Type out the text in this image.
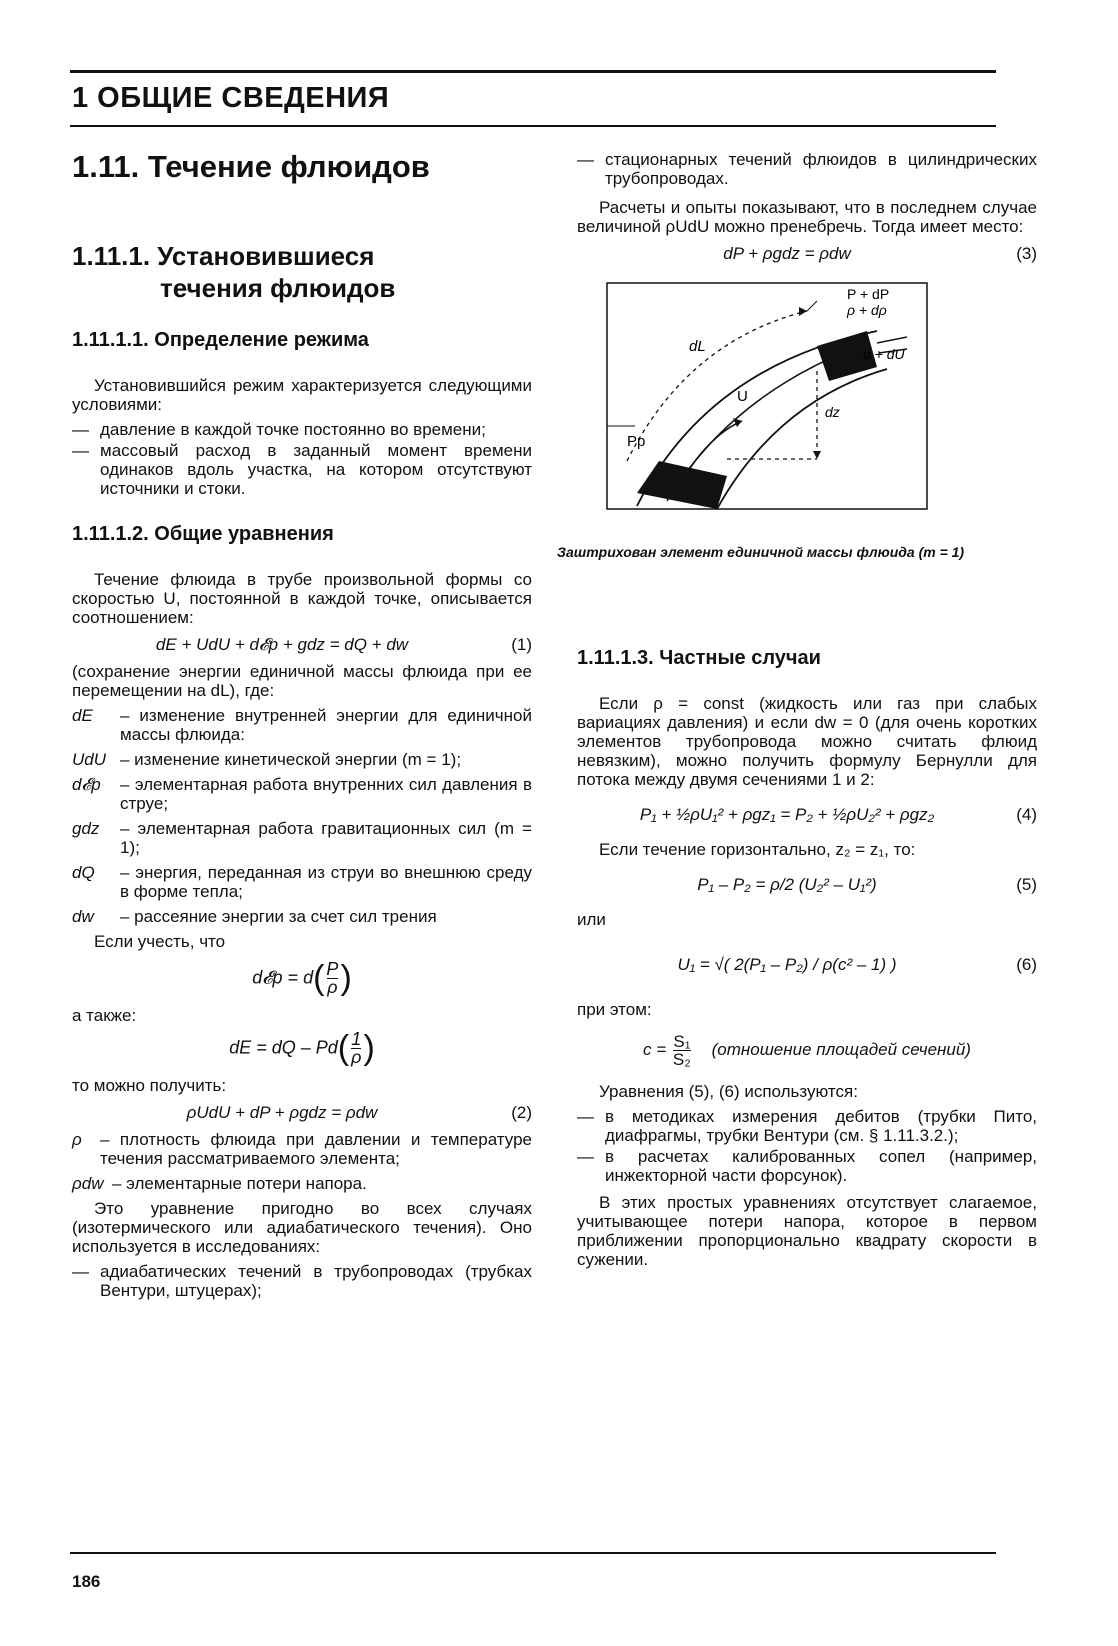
1 ОБЩИЕ СВЕДЕНИЯ
1.11. Течение флюидов
1.11.1. Установившиеся
течения флюидов
1.11.1.1. Определение режима
Установившийся режим характеризуется следующими условиями:
— давление в каждой точке постоянно во времени;
— массовый расход в заданный момент времени одинаков вдоль участка, на котором отсутствуют источники и стоки.
1.11.1.2. Общие уравнения
Течение флюида в трубе произвольной формы со скоростью U, постоянной в каждой точке, описывается соотношением:
dE + UdU + d𝓔p + gdz = dQ + dw	(1)
(сохранение энергии единичной массы флюида при ее перемещении на dL), где:
dE	– изменение внутренней энергии для единичной массы флюида:
UdU – изменение кинетической энергии (m = 1);
d𝓔p	– элементарная работа внутренних сил давления в струе;
gdz	– элементарная работа гравитационных сил (m = 1);
dQ	– энергия, переданная из струи во внешнюю среду в форме тепла;
dw	– рассеяние энергии за счет сил трения
Если учесть, что
d𝓔p = $d( \frac{P}{\rho}$ )
а также:
dE = dQ – $Pd( \frac{1}{\rho}$ )
то можно получить:
ρUdU + dP + ρgdz = ρdw	(2)
ρ	– плотность флюида при давлении и температуре течения рассматриваемого элемента;
ρdw – элементарные потери напора.
Это уравнение пригодно во всех случаях (изотермического или адиабатического течения). Оно используется в исследованиях:
— адиабатических течений в трубопроводах (трубках Вентури, штуцерах);
— стационарных течений флюидов в цилиндрических трубопроводах.
Расчеты и опыты показывают, что в последнем случае величиной ρUdU можно пренебречь. Тогда имеет место:
dP + ρgdz = ρdw	(3)
P + dP
ρ + dρ
u + dU
dL
U
dz
Pp
Заштрихован элемент единичной массы флюида (m = 1)
1.11.1.3. Частные случаи
Если ρ = const (жидкость или газ при слабых вариациях давления) и если dw = 0 (для очень коротких элементов трубопровода можно считать флюид невязким), можно получить формулу Бернулли для потока между двумя сечениями 1 и 2:
P₁ + ½ρU₁² + ρgz₁ = P₂ + ½ρU₂² + ρgz₂	(4)
Если течение горизонтально, z₂ = z₁, то:
P₁ – P₂ = ρ/2 (U₂² – U₁²)	(5)
или
U₁ = √( 2(P₁ – P₂) / ρ(c² – 1) )	(6)
при этом:
$c = \frac{\text{S₁}}{\text{S₂}}$ (отношение площадей сечений)
Уравнения (5), (6) используются:
— в методиках измерения дебитов (трубки Пито, диафрагмы, трубки Вентури (см. § 1.11.3.2.);
— в расчетах калиброванных сопел (например, инжекторной части форсунок).
В этих простых уравнениях отсутствует слагаемое, учитывающее потери напора, которое в первом приближении пропорционально квадрату скорости в сужении.
186
